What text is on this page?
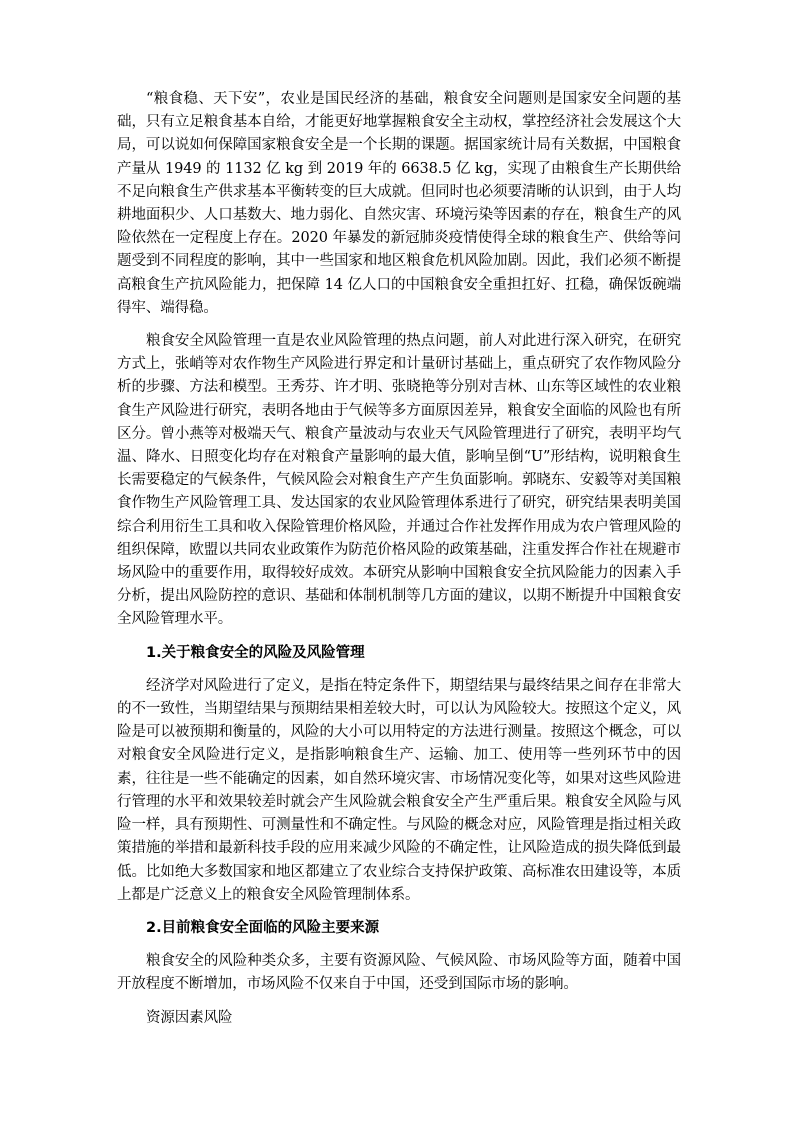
“粮食稳、天下安”，农业是国民经济的基础，粮食安全问题则是国家安全问题的基础，只有立足粮食基本自给，才能更好地掌握粮食安全主动权，掌控经济社会发展这个大局，可以说如何保障国家粮食安全是一个长期的课题。据国家统计局有关数据，中国粮食产量从 1949 的 1132 亿 kg 到 2019 年的 6638.5 亿 kg，实现了由粮食生产长期供给不足向粮食生产供求基本平衡转变的巨大成就。但同时也必须要清晰的认识到，由于人均耕地面积少、人口基数大、地力弱化、自然灾害、环境污染等因素的存在，粮食生产的风险依然在一定程度上存在。2020 年暴发的新冠肺炎疫情使得全球的粮食生产、供给等问题受到不同程度的影响，其中一些国家和地区粮食危机风险加剧。因此，我们必须不断提高粮食生产抗风险能力，把保障 14 亿人口的中国粮食安全重担扛好、扛稳，确保饭碗端得牢、端得稳。

粮食安全风险管理一直是农业风险管理的热点问题，前人对此进行深入研究，在研究方式上，张峭等对农作物生产风险进行界定和计量研讨基础上，重点研究了农作物风险分析的步骤、方法和模型。王秀芬、许才明、张晓艳等分别对吉林、山东等区域性的农业粮食生产风险进行研究，表明各地由于气候等多方面原因差异，粮食安全面临的风险也有所区分。曾小燕等对极端天气、粮食产量波动与农业天气风险管理进行了研究，表明平均气温、降水、日照变化均存在对粮食产量影响的最大值，影响呈倒“U”形结构，说明粮食生长需要稳定的气候条件，气候风险会对粮食生产产生负面影响。郭晓东、安毅等对美国粮食作物生产风险管理工具、发达国家的农业风险管理体系进行了研究，研究结果表明美国综合利用衍生工具和收入保险管理价格风险，并通过合作社发挥作用成为农户管理风险的组织保障，欧盟以共同农业政策作为防范价格风险的政策基础，注重发挥合作社在规避市场风险中的重要作用，取得较好成效。本研究从影响中国粮食安全抗风险能力的因素入手分析，提出风险防控的意识、基础和体制机制等几方面的建议，以期不断提升中国粮食安全风险管理水平。

1.关于粮食安全的风险及风险管理

经济学对风险进行了定义，是指在特定条件下，期望结果与最终结果之间存在非常大的不一致性，当期望结果与预期结果相差较大时，可以认为风险较大。按照这个定义，风险是可以被预期和衡量的，风险的大小可以用特定的方法进行测量。按照这个概念，可以对粮食安全风险进行定义，是指影响粮食生产、运输、加工、使用等一些列环节中的因素，往往是一些不能确定的因素，如自然环境灾害、市场情况变化等，如果对这些风险进行管理的水平和效果较差时就会产生风险就会粮食安全产生严重后果。粮食安全风险与风险一样，具有预期性、可测量性和不确定性。与风险的概念对应，风险管理是指过相关政策措施的举措和最新科技手段的应用来减少风险的不确定性，让风险造成的损失降低到最低。比如绝大多数国家和地区都建立了农业综合支持保护政策、高标准农田建设等，本质上都是广泛意义上的粮食安全风险管理制体系。

2.目前粮食安全面临的风险主要来源

粮食安全的风险种类众多，主要有资源风险、气候风险、市场风险等方面，随着中国开放程度不断增加，市场风险不仅来自于中国，还受到国际市场的影响。

资源因素风险
